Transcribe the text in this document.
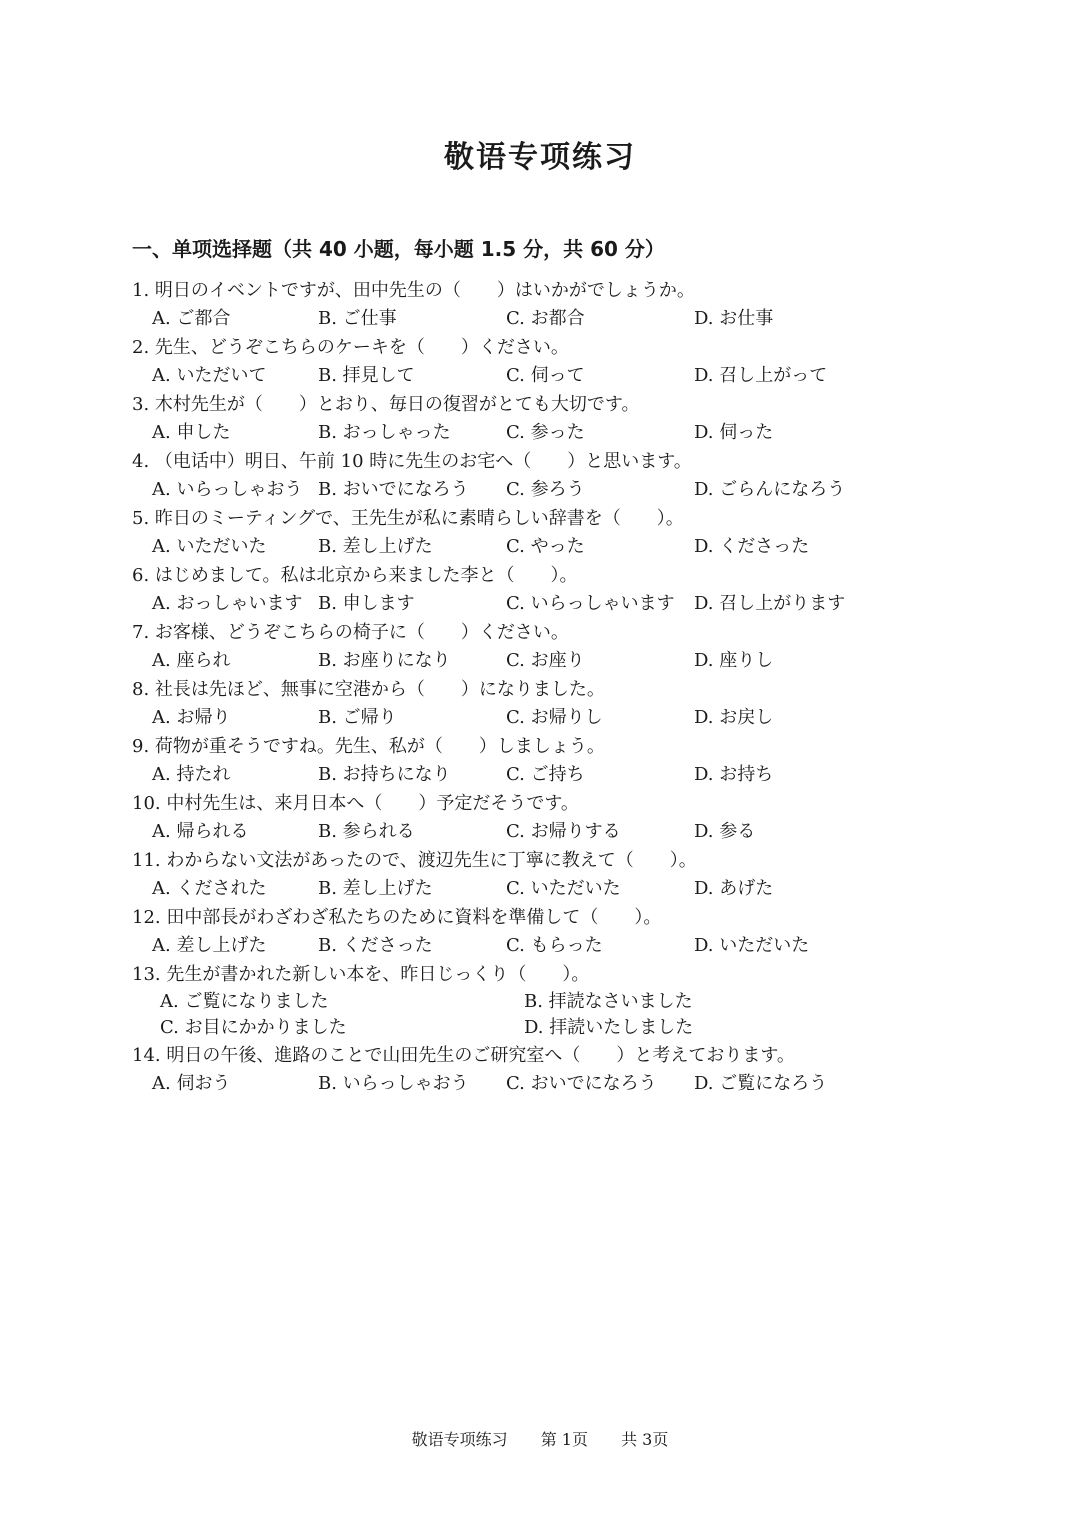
敬语专项练习
一、单项选择题（共 40 小题，每小题 1.5 分，共 60 分）
1. 明日のイベントですが、田中先生の（　　）はいかがでしょうか。
A. ご都合	B. ご仕事	C. お都合	D. お仕事
2. 先生、どうぞこちらのケーキを（　　）ください。
A. いただいて	B. 拝見して	C. 伺って	D. 召し上がって
3. 木村先生が（　　）とおり、毎日の復習がとても大切です。
A. 申した	B. おっしゃった	C. 参った	D. 伺った
4. （电话中）明日、午前 10 時に先生のお宅へ（　　）と思います。
A. いらっしゃおう B. おいでになろう C. 参ろう	D. ごらんになろう
5. 昨日のミーティングで、王先生が私に素晴らしい辞書を（　　）。
A. いただいた	B. 差し上げた	C. やった	D. くださった
6. はじめまして。私は北京から来ました李と（　　）。
A. おっしゃいます B. 申します	C. いらっしゃいます D. 召し上がります
7. お客様、どうぞこちらの椅子に（　　）ください。
A. 座られ	B. お座りになり	C. お座り	D. 座りし
8. 社長は先ほど、無事に空港から（　　）になりました。
A. お帰り	B. ご帰り	C. お帰りし	D. お戻し
9. 荷物が重そうですね。先生、私が（　　）しましょう。
A. 持たれ	B. お持ちになり	C. ご持ち	D. お持ち
10. 中村先生は、来月日本へ（　　）予定だそうです。
A. 帰られる	B. 参られる	C. お帰りする	D. 参る
11. わからない文法があったので、渡辺先生に丁寧に教えて（　　）。
A. くだされた	B. 差し上げた	C. いただいた	D. あげた
12. 田中部長がわざわざ私たちのために資料を準備して（　　）。
A. 差し上げた	B. くださった	C. もらった	D. いただいた
13. 先生が書かれた新しい本を、昨日じっくり（　　）。
A. ご覧になりました	B. 拝読なさいました
C. お目にかかりました	D. 拝読いたしました
14. 明日の午後、進路のことで山田先生のご研究室へ（　　）と考えております。
A. 伺おう	B. いらっしゃおう C. おいでになろう D. ご覧になろう
敬语专项练习 第 1页 共 3页
